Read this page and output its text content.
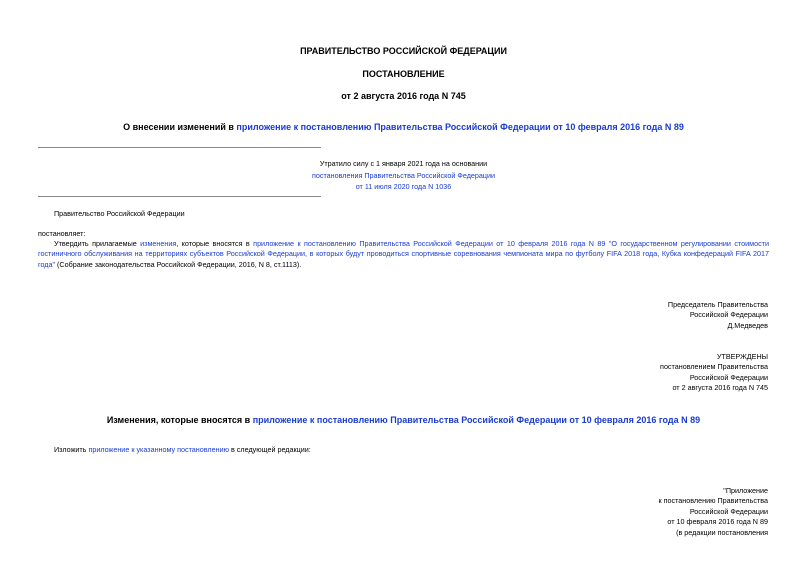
ПРАВИТЕЛЬСТВО РОССИЙСКОЙ ФЕДЕРАЦИИ
ПОСТАНОВЛЕНИЕ
от 2 августа 2016 года N 745
О внесении изменений в приложение к постановлению Правительства Российской Федерации от 10 февраля 2016 года N 89
Утратило силу с 1 января 2021 года на основании
постановления Правительства Российской Федерации
от 11 июля 2020 года N 1036
Правительство Российской Федерации
постановляет:
Утвердить прилагаемые изменения, которые вносятся в приложение к постановлению Правительства Российской Федерации от 10 февраля 2016 года N 89 "О государственном регулировании стоимости гостиничного обслуживания на территориях субъектов Российской Федерации, в которых будут проводиться спортивные соревнования чемпионата мира по футболу FIFA 2018 года, Кубка конфедераций FIFA 2017 года" (Собрание законодательства Российской Федерации, 2016, N 8, ст.1113).
Председатель Правительства
Российской Федерации
Д.Медведев
УТВЕРЖДЕНЫ
постановлением Правительства
Российской Федерации
от 2 августа 2016 года N 745
Изменения, которые вносятся в приложение к постановлению Правительства Российской Федерации от 10 февраля 2016 года N 89
Изложить приложение к указанному постановлению в следующей редакции:
"Приложение
к постановлению Правительства
Российской Федерации
от 10 февраля 2016 года N 89
(в редакции постановления
